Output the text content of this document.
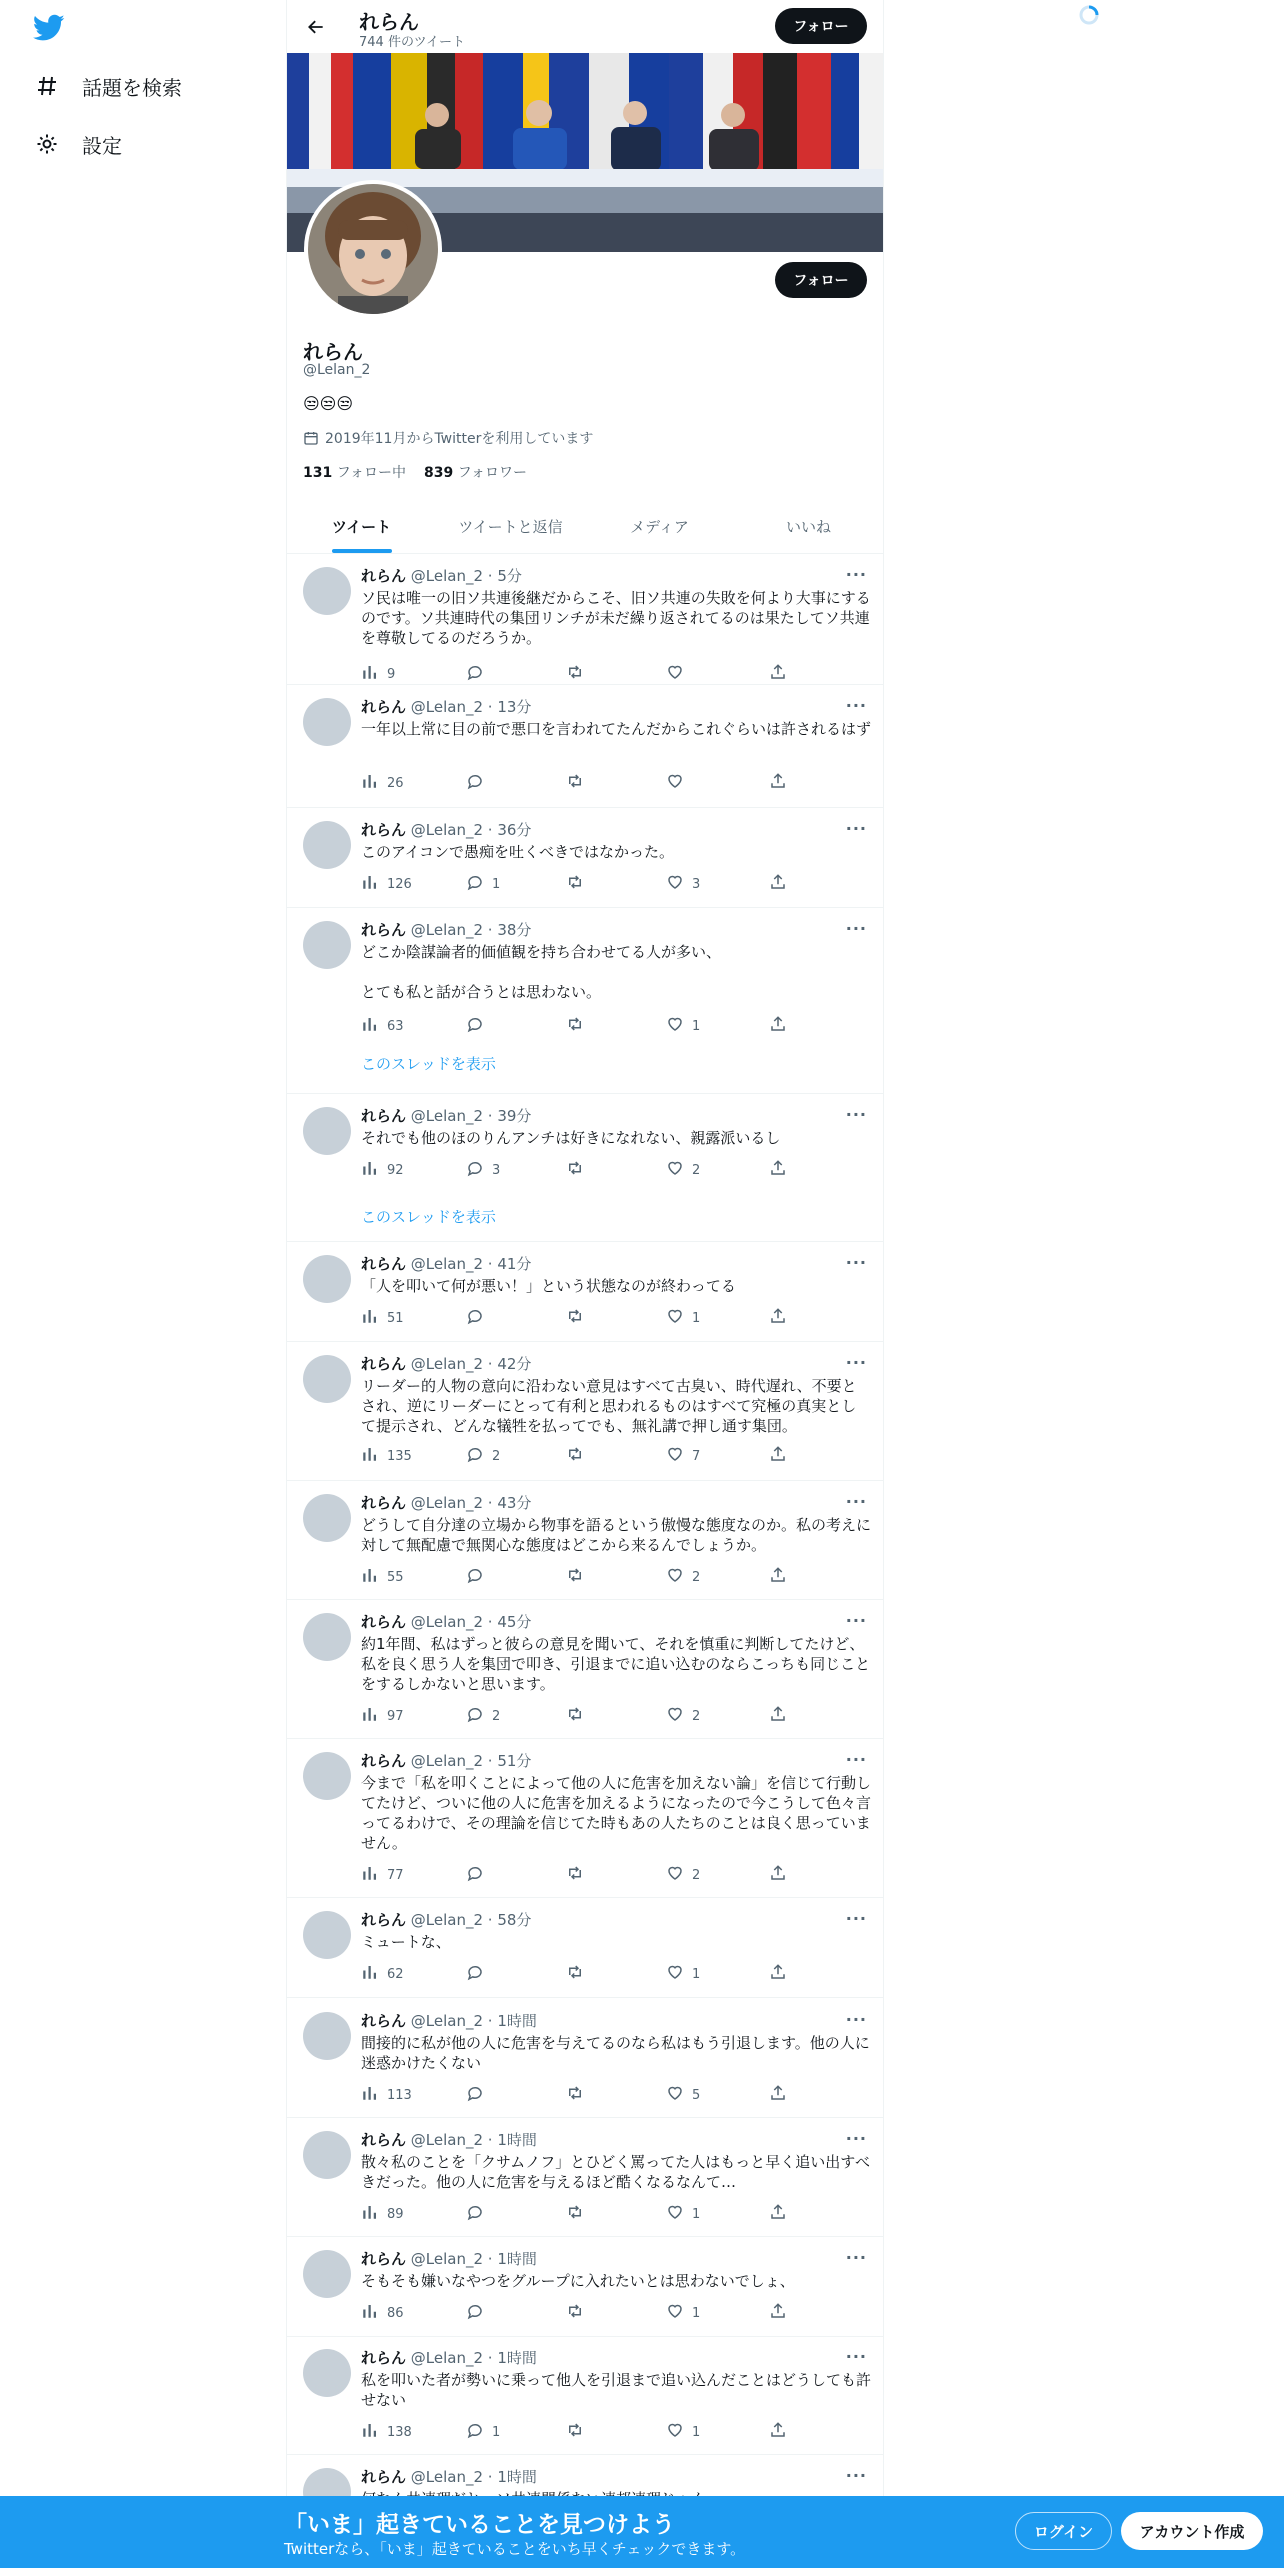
話題を検索
設定
れらん
744 件のツイート
フォロー
フォロー
れらん
@Lelan_2
😒😒😒
2019年11月からTwitterを利用しています
131 フォロー中 839 フォロワー
ツイート	ツイートと返信	メディア	いいね
れらん @Lelan_2 · 5分	···
ソ民は唯一の旧ソ共連後継だからこそ、旧ソ共連の失敗を何より大事にするのです。ソ共連時代の集団リンチが未だ繰り返されてるのは果たしてソ共連を尊敬してるのだろうか。
9
れらん @Lelan_2 · 13分	···
一年以上常に目の前で悪口を言われてたんだからこれぐらいは許されるはず
26
れらん @Lelan_2 · 36分	···
このアイコンで愚痴を吐くべきではなかった。
126	1	3
れらん @Lelan_2 · 38分	···
どこか陰謀論者的価値観を持ち合わせてる人が多い、

とても私と話が合うとは思わない。
63	1
このスレッドを表示
れらん @Lelan_2 · 39分	···
それでも他のほのりんアンチは好きになれない、親露派いるし
92	3	2
このスレッドを表示
れらん @Lelan_2 · 41分	···
「人を叩いて何が悪い！」という状態なのが終わってる
51	1
れらん @Lelan_2 · 42分	···
リーダー的人物の意向に沿わない意見はすべて古臭い、時代遅れ、不要とされ、逆にリーダーにとって有利と思われるものはすべて究極の真実として提示され、どんな犠牲を払ってでも、無礼講で押し通す集団。
135	2	7
れらん @Lelan_2 · 43分	···
どうして自分達の立場から物事を語るという傲慢な態度なのか。私の考えに対して無配慮で無関心な態度はどこから来るんでしょうか。
55	2
れらん @Lelan_2 · 45分	···
約1年間、私はずっと彼らの意見を聞いて、それを慎重に判断してたけど、私を良く思う人を集団で叩き、引退までに追い込むのならこっちも同じことをするしかないと思います。
97	2	2
れらん @Lelan_2 · 51分	···
今まで「私を叩くことによって他の人に危害を加えない論」を信じて行動してたけど、ついに他の人に危害を加えるようになったので今こうして色々言ってるわけで、その理論を信じてた時もあの人たちのことは良く思っていません。
77	2
れらん @Lelan_2 · 58分	···
ミュートな、
62	1
れらん @Lelan_2 · 1時間	···
間接的に私が他の人に危害を与えてるのなら私はもう引退します。他の人に迷惑かけたくない
113	5
れらん @Lelan_2 · 1時間	···
散々私のことを「クサムノフ」とひどく罵ってた人はもっと早く追い出すべきだった。他の人に危害を与えるほど酷くなるなんて…
89	1
れらん @Lelan_2 · 1時間	···
そもそも嫌いなやつをグループに入れたいとは思わないでしょ、
86	1
れらん @Lelan_2 · 1時間	···
私を叩いた者が勢いに乗って他人を引退まで追い込んだことはどうしても許せない
138	1	1
れらん @Lelan_2 · 1時間	···
「いま」起きていることを見つけよう
Twitterなら、「いま」起きていることをいち早くチェックできます。
ログイン	アカウント作成
